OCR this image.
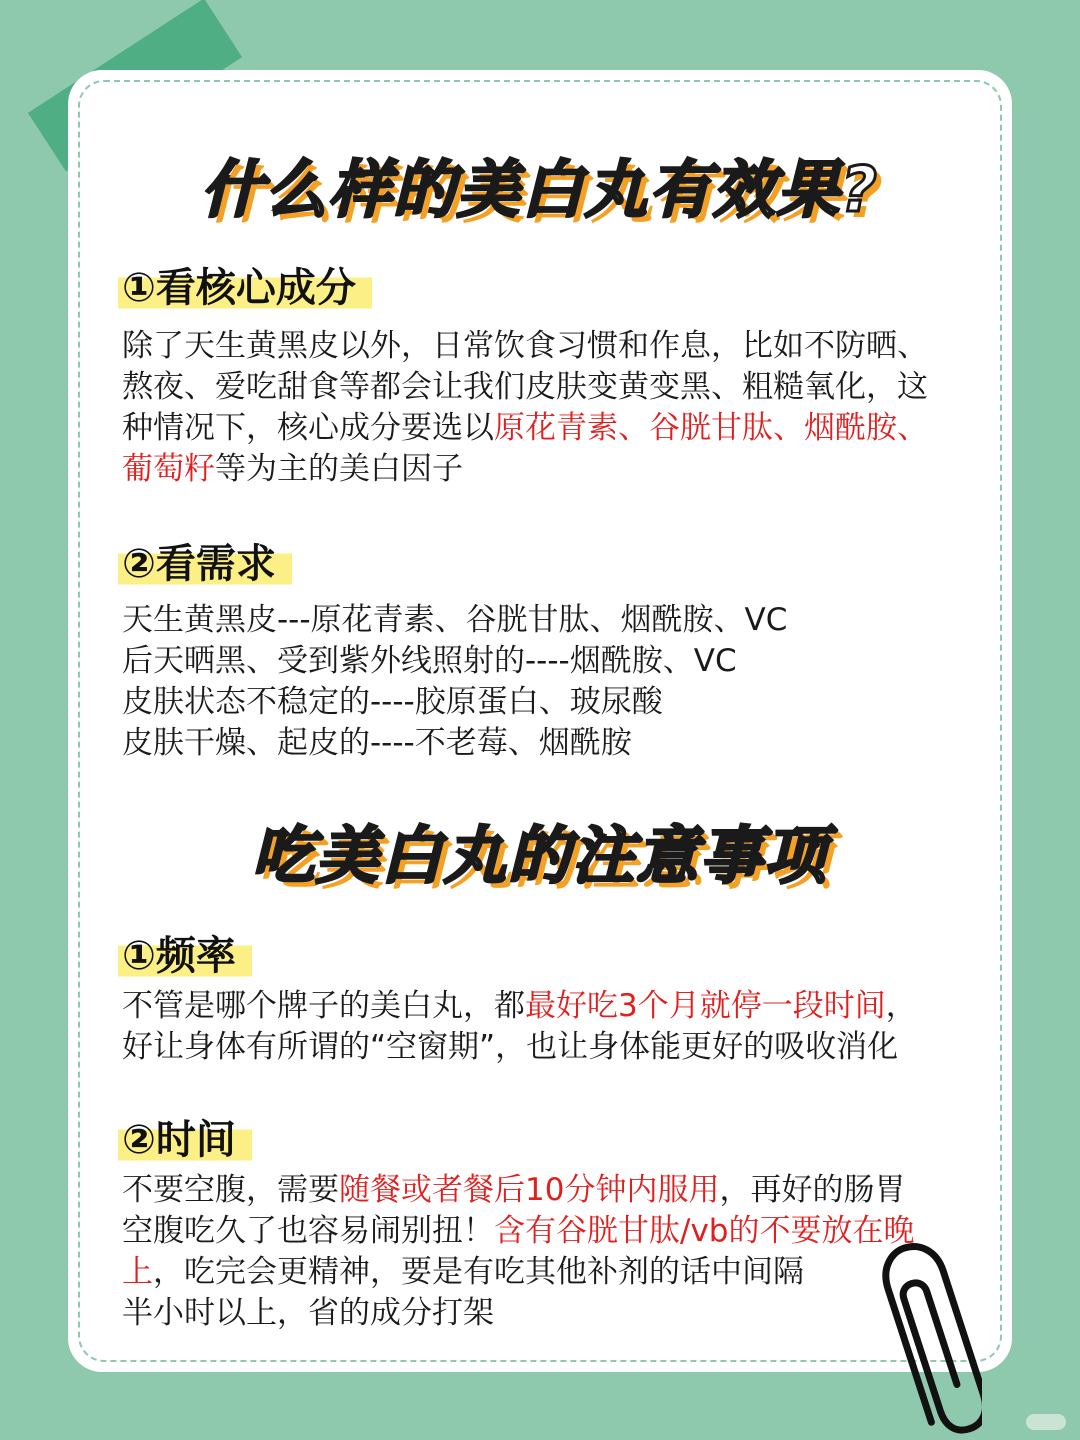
什么样的美白丸有效果?
①看核心成分
除了天生黄黑皮以外，日常饮食习惯和作息，比如不防晒、
熬夜、爱吃甜食等都会让我们皮肤变黄变黑、粗糙氧化，这
种情况下，核心成分要选以原花青素、谷胱甘肽、烟酰胺、
葡萄籽等为主的美白因子
②看需求
天生黄黑皮---原花青素、谷胱甘肽、烟酰胺、VC
后天晒黑、受到紫外线照射的----烟酰胺、VC
皮肤状态不稳定的----胶原蛋白、玻尿酸
皮肤干燥、起皮的----不老莓、烟酰胺
吃美白丸的注意事项
①频率
不管是哪个牌子的美白丸，都最好吃3个月就停一段时间，
好让身体有所谓的“空窗期”，也让身体能更好的吸收消化
②时间
不要空腹，需要随餐或者餐后10分钟内服用，再好的肠胃
空腹吃久了也容易闹别扭！含有谷胱甘肽/vb的不要放在晚
上，吃完会更精神，要是有吃其他补剂的话中间隔
半小时以上，省的成分打架
